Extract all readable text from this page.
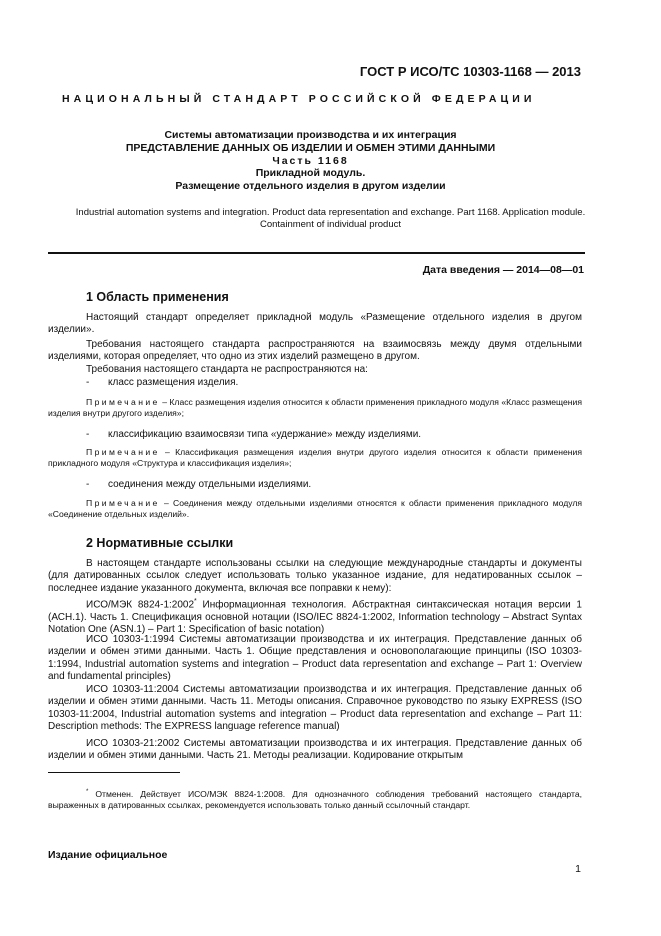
ГОСТ Р ИСО/ТС 10303-1168 — 2013
НАЦИОНАЛЬНЫЙ СТАНДАРТ РОССИЙСКОЙ ФЕДЕРАЦИИ
Системы автоматизации производства и их интеграция
ПРЕДСТАВЛЕНИЕ ДАННЫХ ОБ ИЗДЕЛИИ И ОБМЕН ЭТИМИ ДАННЫМИ
Часть 1168
Прикладной модуль.
Размещение отдельного изделия в другом изделии
Industrial automation systems and integration. Product data representation and exchange. Part 1168. Application module. Containment of individual product
Дата введения — 2014—08—01
1 Область применения
Настоящий стандарт определяет прикладной модуль «Размещение отдельного изделия в другом изделии».
Требования настоящего стандарта распространяются на взаимосвязь между двумя отдельными изделиями, которая определяет, что одно из этих изделий размещено в другом.
Требования настоящего стандарта не распространяются на:
- класс размещения изделия.
Примечание – Класс размещения изделия относится к области применения прикладного модуля «Класс размещения изделия внутри другого изделия»;
- классификацию взаимосвязи типа «удержание» между изделиями.
Примечание – Классификация размещения изделия внутри другого изделия относится к области применения прикладного модуля «Структура и классификация изделия»;
- соединения между отдельными изделиями.
Примечание – Соединения между отдельными изделиями относятся к области применения прикладного модуля «Соединение отдельных изделий».
2 Нормативные ссылки
В настоящем стандарте использованы ссылки на следующие международные стандарты и документы (для датированных ссылок следует использовать только указанное издание, для недатированных ссылок – последнее издание указанного документа, включая все поправки к нему):
ИСО/МЭК 8824-1:2002* Информационная технология. Абстрактная синтаксическая нотация версии 1 (АСН.1). Часть 1. Спецификация основной нотации (ISO/IEC 8824-1:2002, Information technology – Abstract Syntax Notation One (ASN.1) – Part 1: Specification of basic notation)
ИСО 10303-1:1994 Системы автоматизации производства и их интеграция. Представление данных об изделии и обмен этими данными. Часть 1. Общие представления и основополагающие принципы (ISO 10303-1:1994, Industrial automation systems and integration – Product data representation and exchange – Part 1: Overview and fundamental principles)
ИСО 10303-11:2004 Системы автоматизации производства и их интеграция. Представление данных об изделии и обмен этими данными. Часть 11. Методы описания. Справочное руководство по языку EXPRESS (ISO 10303-11:2004, Industrial automation systems and integration – Product data representation and exchange – Part 11: Description methods: The EXPRESS language reference manual)
ИСО 10303-21:2002 Системы автоматизации производства и их интеграция. Представление данных об изделии и обмен этими данными. Часть 21. Методы реализации. Кодирование открытым
* Отменен. Действует ИСО/МЭК 8824-1:2008. Для однозначного соблюдения требований настоящего стандарта, выраженных в датированных ссылках, рекомендуется использовать только данный ссылочный стандарт.
Издание официальное
1
